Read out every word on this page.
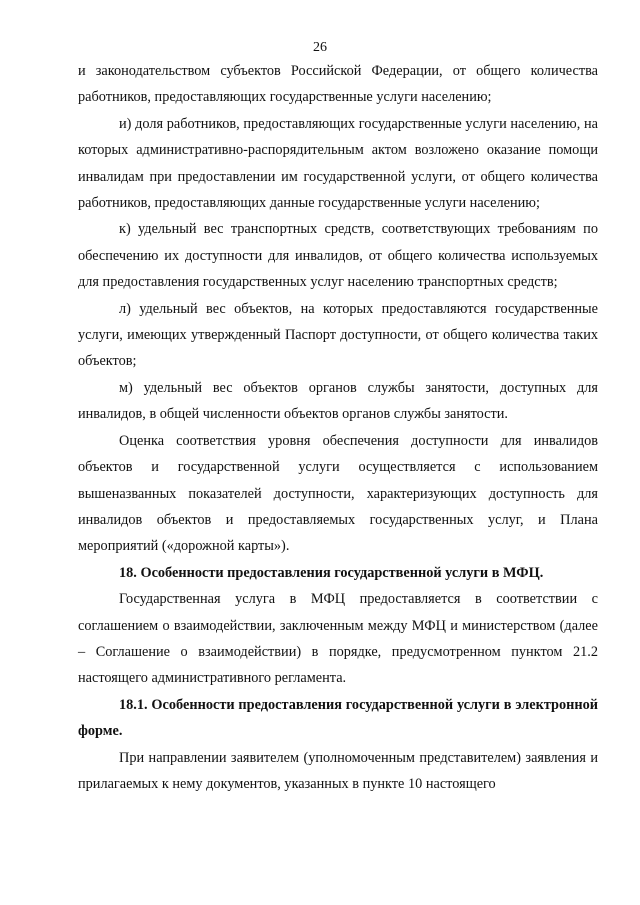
26

и законодательством субъектов Российской Федерации, от общего количества работников, предоставляющих государственные услуги населению;

и) доля работников, предоставляющих государственные услуги населению, на которых административно-распорядительным актом возложено оказание помощи инвалидам при предоставлении им государственной услуги, от общего количества работников, предоставляющих данные государственные услуги населению;

к) удельный вес транспортных средств, соответствующих требованиям по обеспечению их доступности для инвалидов, от общего количества используемых для предоставления государственных услуг населению транспортных средств;

л) удельный вес объектов, на которых предоставляются государственные услуги, имеющих утвержденный Паспорт доступности, от общего количества таких объектов;

м) удельный вес объектов органов службы занятости, доступных для инвалидов, в общей численности объектов органов службы занятости.

Оценка соответствия уровня обеспечения доступности для инвалидов объектов и государственной услуги осуществляется с использованием вышеназванных показателей доступности, характеризующих доступность для инвалидов объектов и предоставляемых государственных услуг, и Плана мероприятий («дорожной карты»).

18. Особенности предоставления государственной услуги в МФЦ.

Государственная услуга в МФЦ предоставляется в соответствии с соглашением о взаимодействии, заключенным между МФЦ и министерством (далее – Соглашение о взаимодействии) в порядке, предусмотренном пунктом 21.2 настоящего административного регламента.

18.1. Особенности предоставления государственной услуги в электронной форме.

При направлении заявителем (уполномоченным представителем) заявления и прилагаемых к нему документов, указанных в пункте 10 настоящего
